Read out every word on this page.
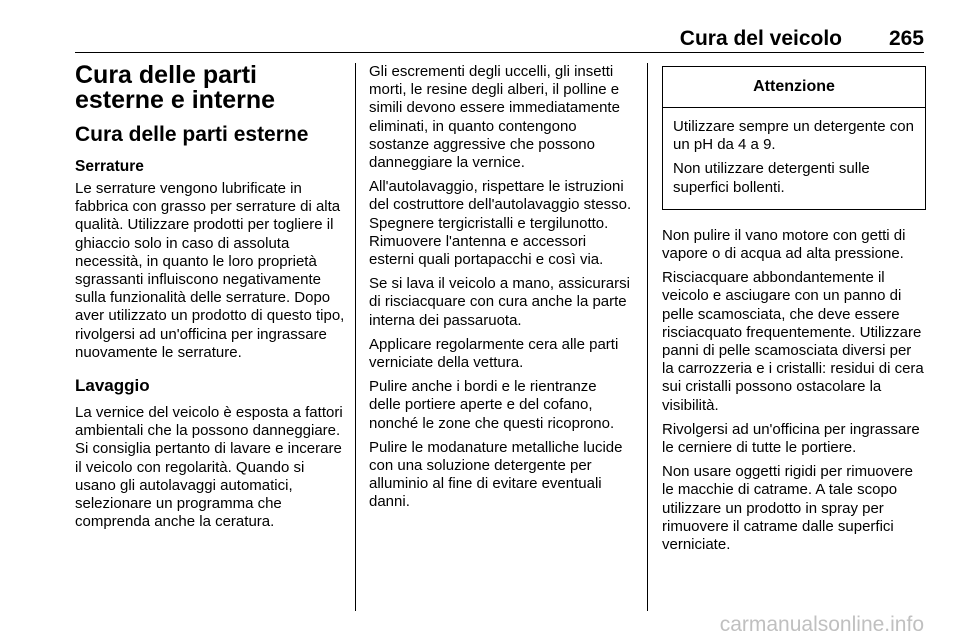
Cura del veicolo 265
Cura delle parti esterne e interne
Cura delle parti esterne
Serrature

Le serrature vengono lubrificate in fabbrica con grasso per serrature di alta qualità. Utilizzare prodotti per togliere il ghiaccio solo in caso di assoluta necessità, in quanto le loro proprietà sgrassanti influiscono negativamente sulla funzionalità delle serrature. Dopo aver utilizzato un prodotto di questo tipo, rivolgersi ad un'officina per ingrassare nuovamente le serrature.

Lavaggio

La vernice del veicolo è esposta a fattori ambientali che la possono danneggiare. Si consiglia pertanto di lavare e incerare il veicolo con regolarità. Quando si usano gli autolavaggi automatici, selezionare un programma che comprenda anche la ceratura.

Gli escrementi degli uccelli, gli insetti morti, le resine degli alberi, il polline e simili devono essere immediatamente eliminati, in quanto contengono sostanze aggressive che possono danneggiare la vernice.

All'autolavaggio, rispettare le istruzioni del costruttore dell'autolavaggio stesso. Spegnere tergicristalli e tergilunotto. Rimuovere l'antenna e accessori esterni quali portapacchi e così via.

Se si lava il veicolo a mano, assicurarsi di risciacquare con cura anche la parte interna dei passaruota.

Applicare regolarmente cera alle parti verniciate della vettura.

Pulire anche i bordi e le rientranze delle portiere aperte e del cofano, nonché le zone che questi ricoprono.

Pulire le modanature metalliche lucide con una soluzione detergente per alluminio al fine di evitare eventuali danni.

Attenzione

Utilizzare sempre un detergente con un pH da 4 a 9.

Non utilizzare detergenti sulle superfici bollenti.

Non pulire il vano motore con getti di vapore o di acqua ad alta pressione.

Risciacquare abbondantemente il veicolo e asciugare con un panno di pelle scamosciata, che deve essere risciacquato frequentemente. Utilizzare panni di pelle scamosciata diversi per la carrozzeria e i cristalli: residui di cera sui cristalli possono ostacolare la visibilità.

Rivolgersi ad un'officina per ingrassare le cerniere di tutte le portiere.

Non usare oggetti rigidi per rimuovere le macchie di catrame. A tale scopo utilizzare un prodotto in spray per rimuovere il catrame dalle superfici verniciate.

carmanualsonline.info
